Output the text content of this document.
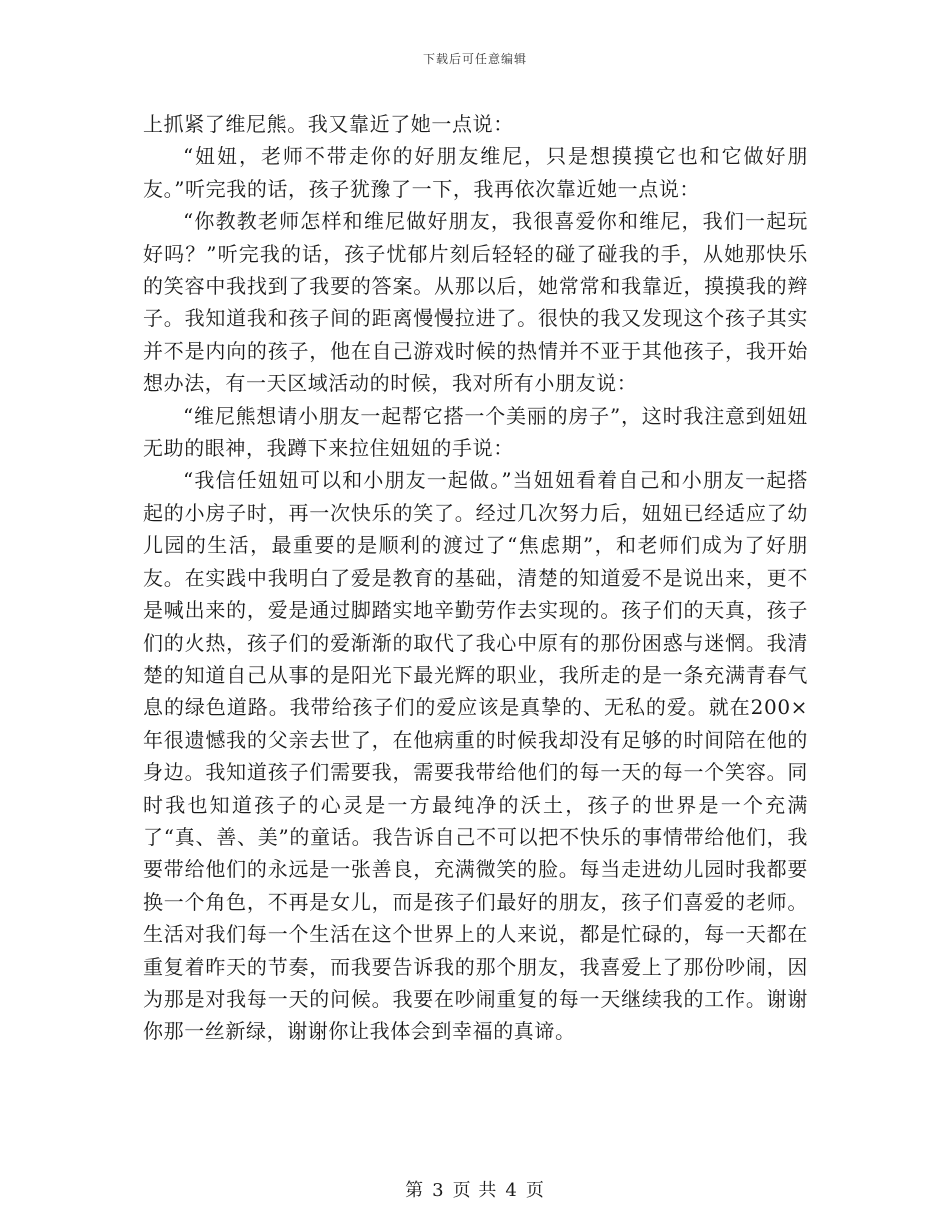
下载后可任意编辑

上抓紧了维尼熊。我又靠近了她一点说：

“妞妞，老师不带走你的好朋友维尼，只是想摸摸它也和它做好朋友。”听完我的话，孩子犹豫了一下，我再依次靠近她一点说：

“你教教老师怎样和维尼做好朋友，我很喜爱你和维尼，我们一起玩好吗？”听完我的话，孩子忧郁片刻后轻轻的碰了碰我的手，从她那快乐的笑容中我找到了我要的答案。从那以后，她常常和我靠近，摸摸我的辫子。我知道我和孩子间的距离慢慢拉进了。很快的我又发现这个孩子其实并不是内向的孩子，他在自己游戏时候的热情并不亚于其他孩子，我开始想办法，有一天区域活动的时候，我对所有小朋友说：

“维尼熊想请小朋友一起帮它搭一个美丽的房子”，这时我注意到妞妞无助的眼神，我蹲下来拉住妞妞的手说：

“我信任妞妞可以和小朋友一起做。”当妞妞看着自己和小朋友一起搭起的小房子时，再一次快乐的笑了。经过几次努力后，妞妞已经适应了幼儿园的生活，最重要的是顺利的渡过了“焦虑期”，和老师们成为了好朋友。在实践中我明白了爱是教育的基础，清楚的知道爱不是说出来，更不是喊出来的，爱是通过脚踏实地辛勤劳作去实现的。孩子们的天真，孩子们的火热，孩子们的爱渐渐的取代了我心中原有的那份困惑与迷惘。我清楚的知道自己从事的是阳光下最光辉的职业，我所走的是一条充满青春气息的绿色道路。我带给孩子们的爱应该是真挚的、无私的爱。就在200×年很遗憾我的父亲去世了，在他病重的时候我却没有足够的时间陪在他的身边。我知道孩子们需要我，需要我带给他们的每一天的每一个笑容。同时我也知道孩子的心灵是一方最纯净的沃土，孩子的世界是一个充满了“真、善、美”的童话。我告诉自己不可以把不快乐的事情带给他们，我要带给他们的永远是一张善良，充满微笑的脸。每当走进幼儿园时我都要换一个角色，不再是女儿，而是孩子们最好的朋友，孩子们喜爱的老师。生活对我们每一个生活在这个世界上的人来说，都是忙碌的，每一天都在重复着昨天的节奏，而我要告诉我的那个朋友，我喜爱上了那份吵闹，因为那是对我每一天的问候。我要在吵闹重复的每一天继续我的工作。谢谢你那一丝新绿，谢谢你让我体会到幸福的真谛。

第 3 页 共 4 页
